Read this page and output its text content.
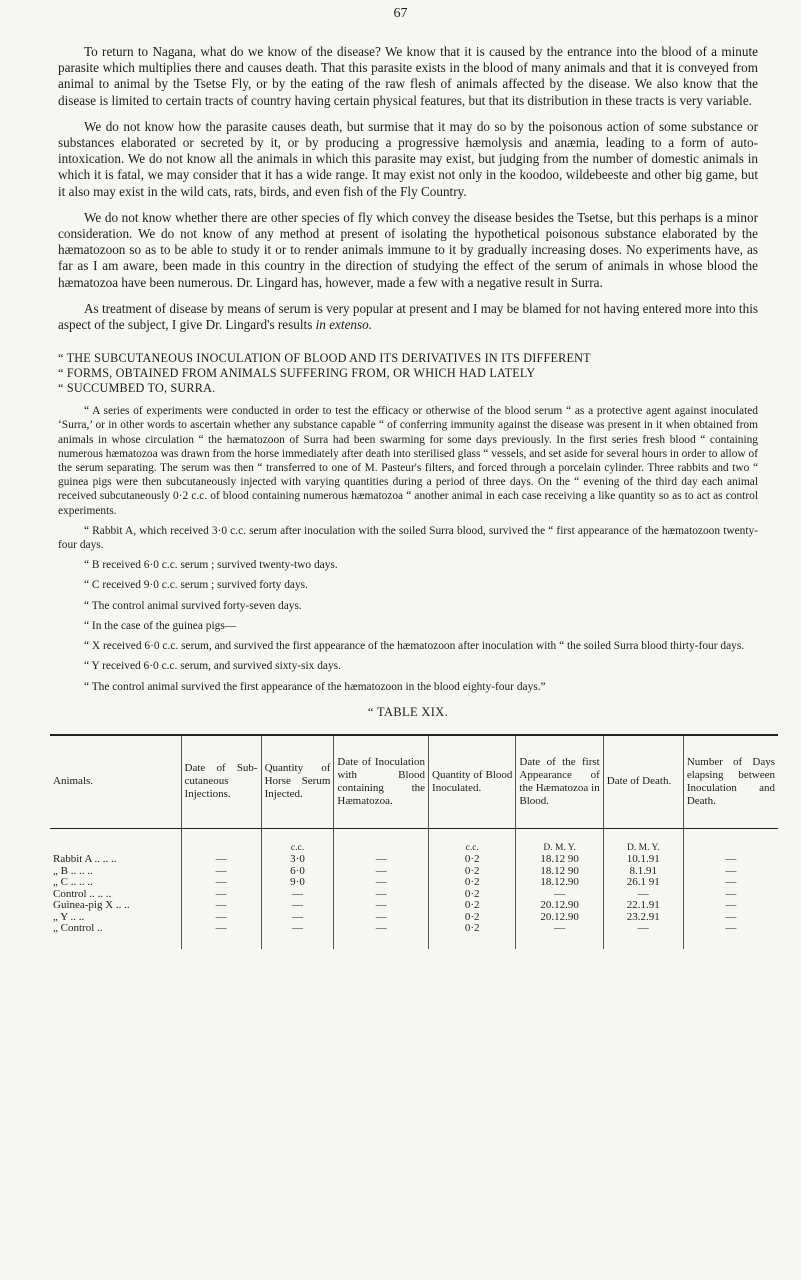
67

To return to Nagana, what do we know of the disease? We know that it is caused by the entrance into the blood of a minute parasite which multiplies there and causes death. That this parasite exists in the blood of many animals and that it is conveyed from animal to animal by the Tsetse Fly, or by the eating of the raw flesh of animals affected by the disease. We also know that the disease is limited to certain tracts of country having certain physical features, but that its distribution in these tracts is very variable.

We do not know how the parasite causes death, but surmise that it may do so by the poisonous action of some substance or substances elaborated or secreted by it, or by producing a progressive hæmolysis and anæmia, leading to a form of auto-intoxication. We do not know all the animals in which this parasite may exist, but judging from the number of domestic animals in which it is fatal, we may consider that it has a wide range. It may exist not only in the koodoo, wildebeeste and other big game, but it also may exist in the wild cats, rats, birds, and even fish of the Fly Country.

We do not know whether there are other species of fly which convey the disease besides the Tsetse, but this perhaps is a minor consideration. We do not know of any method at present of isolating the hypothetical poisonous substance elaborated by the hæmatozoon so as to be able to study it or to render animals immune to it by gradually increasing doses. No experiments have, as far as I am aware, been made in this country in the direction of studying the effect of the serum of animals in whose blood the hæmatozoa have been numerous. Dr. Lingard has, however, made a few with a negative result in Surra.

As treatment of disease by means of serum is very popular at present and I may be blamed for not having entered more into this aspect of the subject, I give Dr. Lingard's results in extenso.

“ THE SUBCUTANEOUS INOCULATION OF BLOOD AND ITS DERIVATIVES IN ITS DIFFERENT
“ FORMS, OBTAINED FROM ANIMALS SUFFERING FROM, OR WHICH HAD LATELY
“ SUCCUMBED TO, SURRA.

“ A series of experiments were conducted in order to test the efficacy or otherwise of the blood serum “ as a protective agent against inoculated ‘Surra,’ or in other words to ascertain whether any substance capable “ of conferring immunity against the disease was present in it when obtained from animals in whose circulation “ the hæmatozoon of Surra had been swarming for some days previously. In the first series fresh blood “ containing numerous hæmatozoa was drawn from the horse immediately after death into sterilised glass “ vessels, and set aside for several hours in order to allow of the serum separating. The serum was then “ transferred to one of M. Pasteur's filters, and forced through a porcelain cylinder. Three rabbits and two “ guinea pigs were then subcutaneously injected with varying quantities during a period of three days. On the “ evening of the third day each animal received subcutaneously 0·2 c.c. of blood containing numerous hæmatozoa “ another animal in each case receiving a like quantity so as to act as control experiments.

“ Rabbit A, which received 3·0 c.c. serum after inoculation with the soiled Surra blood, survived the “ first appearance of the hæmatozoon twenty-four days.

“ B received 6·0 c.c. serum ; survived twenty-two days.

“ C received 9·0 c.c. serum ; survived forty days.

“ The control animal survived forty-seven days.

“ In the case of the guinea pigs—

“ X received 6·0 c.c. serum, and survived the first appearance of the hæmatozoon after inoculation with “ the soiled Surra blood thirty-four days.

“ Y received 6·0 c.c. serum, and survived sixty-six days.

“ The control animal survived the first appearance of the hæmatozoon in the blood eighty-four days.”

“ TABLE XIX.
Animals.	Date of Sub-cutaneous Injections.	Quantity of Horse Serum Injected.	Date of Inoculation with Blood containing the Hæmatozoa.	Quantity of Blood Inoculated.	Date of the first Appearance of the Hæmatozoa in Blood.	Date of Death.	Number of Days elapsing between Inoculation and Death.
		c.c.		c.c.	D. M. Y.	D. M. Y.	
Rabbit A .. .. ..	—	3·0	—	0·2	18.12 90	10.1.91	—
„ B .. .. ..	—	6·0	—	0·2	18.12 90	8.1.91	—
„ C .. .. ..	—	9·0	—	0·2	18.12.90	26.1 91	—
Control .. .. ..	—	—	—	0·2	—	—	—
Guinea-pig X .. ..	—	—	—	0·2	20.12.90	22.1.91	—
„ Y .. ..	—	—	—	0·2	20.12.90	23.2.91	—
„ Control ..	—	—	—	0·2	—	—	—
